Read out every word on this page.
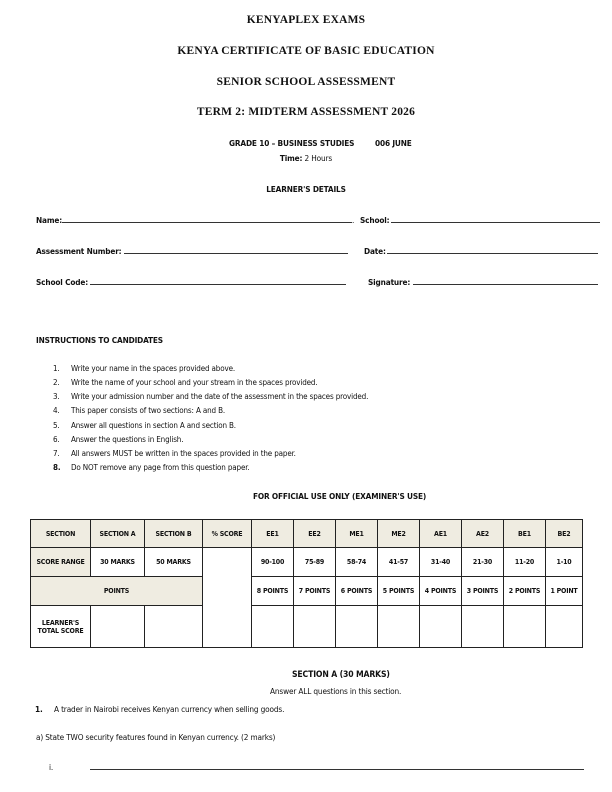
KENYAPLEX EXAMS
KENYA CERTIFICATE OF BASIC EDUCATION
SENIOR SCHOOL ASSESSMENT
TERM 2: MIDTERM ASSESSMENT 2026
GRADE 10 – BUSINESS STUDIES	006 JUNE
Time: 2 Hours
LEARNER'S DETAILS
Name:	. School:
Assessment Number:	Date:
School Code:	Signature:
INSTRUCTIONS TO CANDIDATES
1. Write your name in the spaces provided above.
2. Write the name of your school and your stream in the spaces provided.
3. Write your admission number and the date of the assessment in the spaces provided.
4. This paper consists of two sections: A and B.
5. Answer all questions in section A and section B.
6. Answer the questions in English.
7. All answers MUST be written in the spaces provided in the paper.
8. Do NOT remove any page from this question paper.
FOR OFFICIAL USE ONLY (EXAMINER'S USE)
SECTION	SECTION A	SECTION B	% SCORE	EE1	EE2	ME1	ME2	AE1	AE2	BE1	BE2
SCORE RANGE	30 MARKS	50 MARKS		90-100	75-89	58-74	41-57	31-40	21-30	11-20	1-10
POINTS				8 POINTS	7 POINTS	6 POINTS	5 POINTS	4 POINTS	3 POINTS	2 POINTS	1 POINT
LEARNER'S
TOTAL SCORE											
SECTION A (30 MARKS)
Answer ALL questions in this section.
1. A trader in Nairobi receives Kenyan currency when selling goods.
a) State TWO security features found in Kenyan currency. (2 marks)
i.
